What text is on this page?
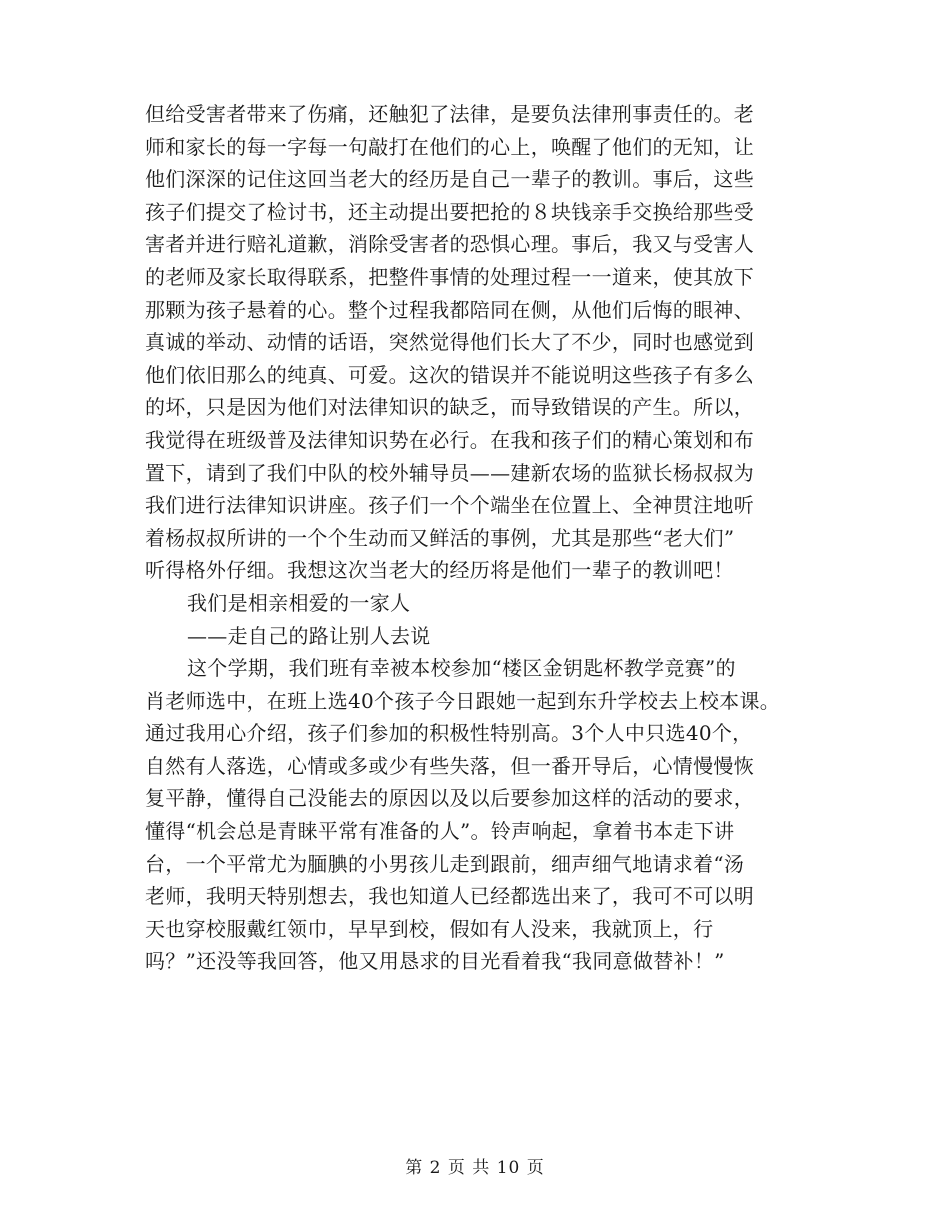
但给受害者带来了伤痛，还触犯了法律，是要负法律刑事责任的。老
师和家长的每一字每一句敲打在他们的心上，唤醒了他们的无知，让
他们深深的记住这回当老大的经历是自己一辈子的教训。事后，这些
孩子们提交了检讨书，还主动提出要把抢的８块钱亲手交换给那些受
害者并进行赔礼道歉，消除受害者的恐惧心理。事后，我又与受害人
的老师及家长取得联系，把整件事情的处理过程一一道来，使其放下
那颗为孩子悬着的心。整个过程我都陪同在侧，从他们后悔的眼神、
真诚的举动、动情的话语，突然觉得他们长大了不少，同时也感觉到
他们依旧那么的纯真、可爱。这次的错误并不能说明这些孩子有多么
的坏，只是因为他们对法律知识的缺乏，而导致错误的产生。所以，
我觉得在班级普及法律知识势在必行。在我和孩子们的精心策划和布
置下，请到了我们中队的校外辅导员——建新农场的监狱长杨叔叔为
我们进行法律知识讲座。孩子们一个个端坐在位置上、全神贯注地听
着杨叔叔所讲的一个个生动而又鲜活的事例，尤其是那些“老大们”
听得格外仔细。我想这次当老大的经历将是他们一辈子的教训吧！
我们是相亲相爱的一家人
——走自己的路让别人去说
这个学期，我们班有幸被本校参加“楼区金钥匙杯教学竞赛”的
肖老师选中，在班上选40个孩子今日跟她一起到东升学校去上校本课。
通过我用心介绍，孩子们参加的积极性特别高。3个人中只选40个，
自然有人落选，心情或多或少有些失落，但一番开导后，心情慢慢恢
复平静，懂得自己没能去的原因以及以后要参加这样的活动的要求，
懂得“机会总是青睐平常有准备的人”。铃声响起，拿着书本走下讲
台，一个平常尤为腼腆的小男孩儿走到跟前，细声细气地请求着“汤
老师，我明天特别想去，我也知道人已经都选出来了，我可不可以明
天也穿校服戴红领巾，早早到校，假如有人没来，我就顶上，行
吗？”还没等我回答，他又用恳求的目光看着我“我同意做替补！”
第 2 页 共 10 页
